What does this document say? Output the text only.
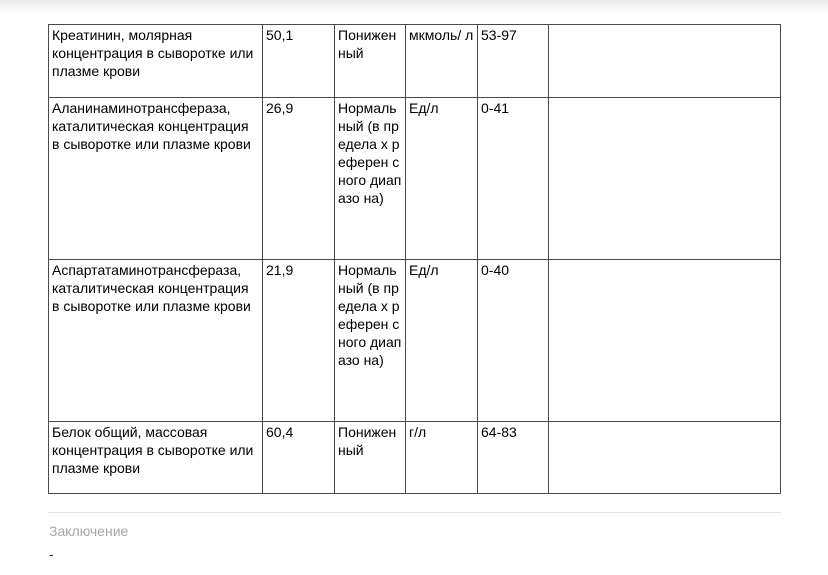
Креатинин, молярная концентрация в сыворотке или плазме крови	50,1	Понижен ный	мкмоль/ л	53-97	
Аланинаминотрансфераза, каталитическая концентрация в сыворотке или плазме крови	26,9	Нормаль ный (в предела х референ сного диапазо на)	Ед/л	0-41	
Аспартатаминотрансфераза, каталитическая концентрация в сыворотке или плазме крови	21,9	Нормаль ный (в предела х референ сного диапазо на)	Ед/л	0-40	
Белок общий, массовая концентрация в сыворотке или плазме крови	60,4	Понижен ный	г/л	64-83	
Заключение
-
